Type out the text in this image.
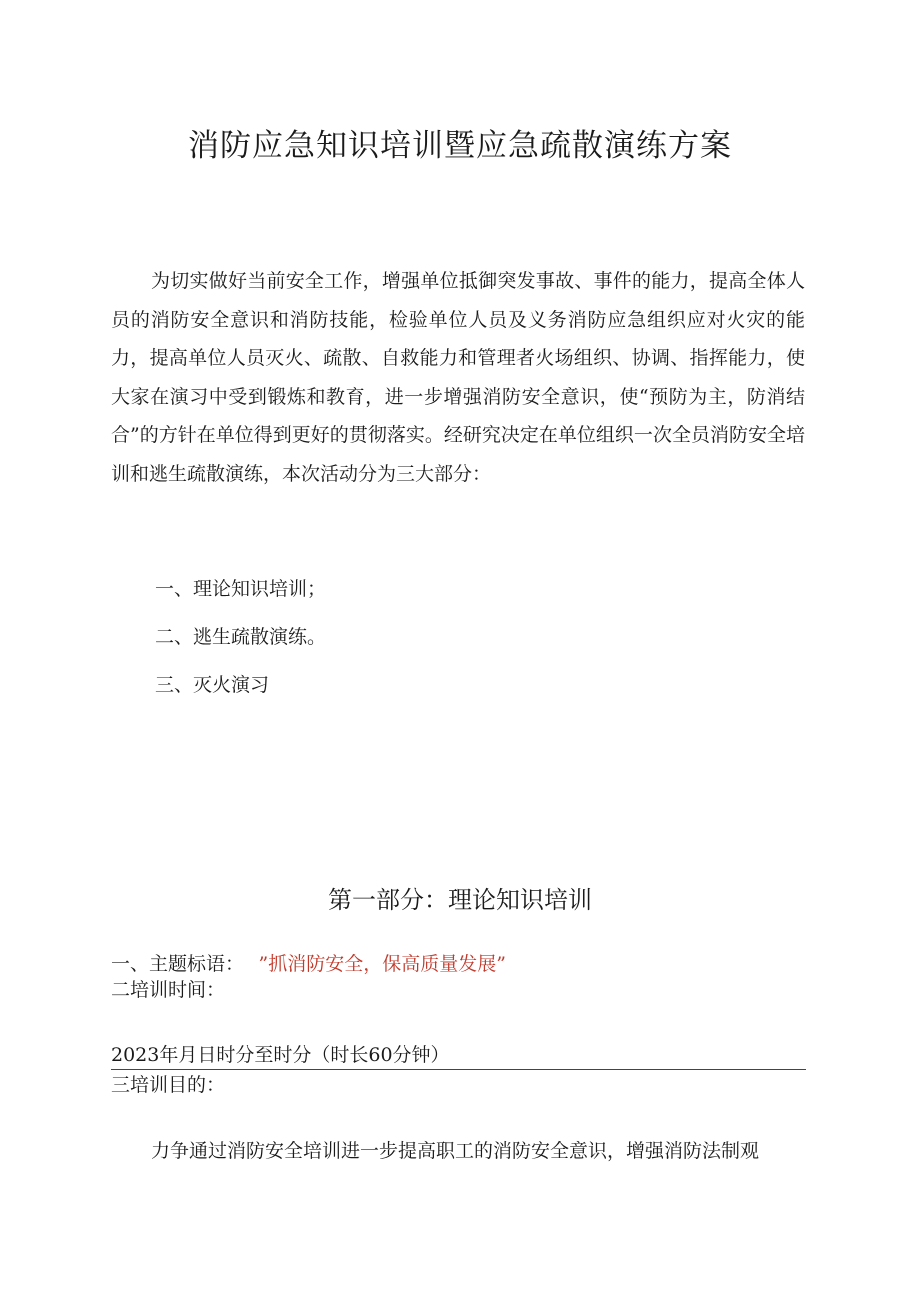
消防应急知识培训暨应急疏散演练方案

为切实做好当前安全工作，增强单位抵御突发事故、事件的能力，提高全体人员的消防安全意识和消防技能，检验单位人员及义务消防应急组织应对火灾的能力，提高单位人员灭火、疏散、自救能力和管理者火场组织、协调、指挥能力，使大家在演习中受到锻炼和教育，进一步增强消防安全意识，使“预防为主，防消结合”的方针在单位得到更好的贯彻落实。经研究决定在单位组织一次全员消防安全培训和逃生疏散演练，本次活动分为三大部分：

一、理论知识培训；
二、逃生疏散演练。
三、灭火演习
第一部分：理论知识培训
一、主题标语： ”抓消防安全，保高质量发展”
二培训时间：
2023年月日时分至时分（时长60分钟）
三培训目的：

力争通过消防安全培训进一步提高职工的消防安全意识，增强消防法制观
